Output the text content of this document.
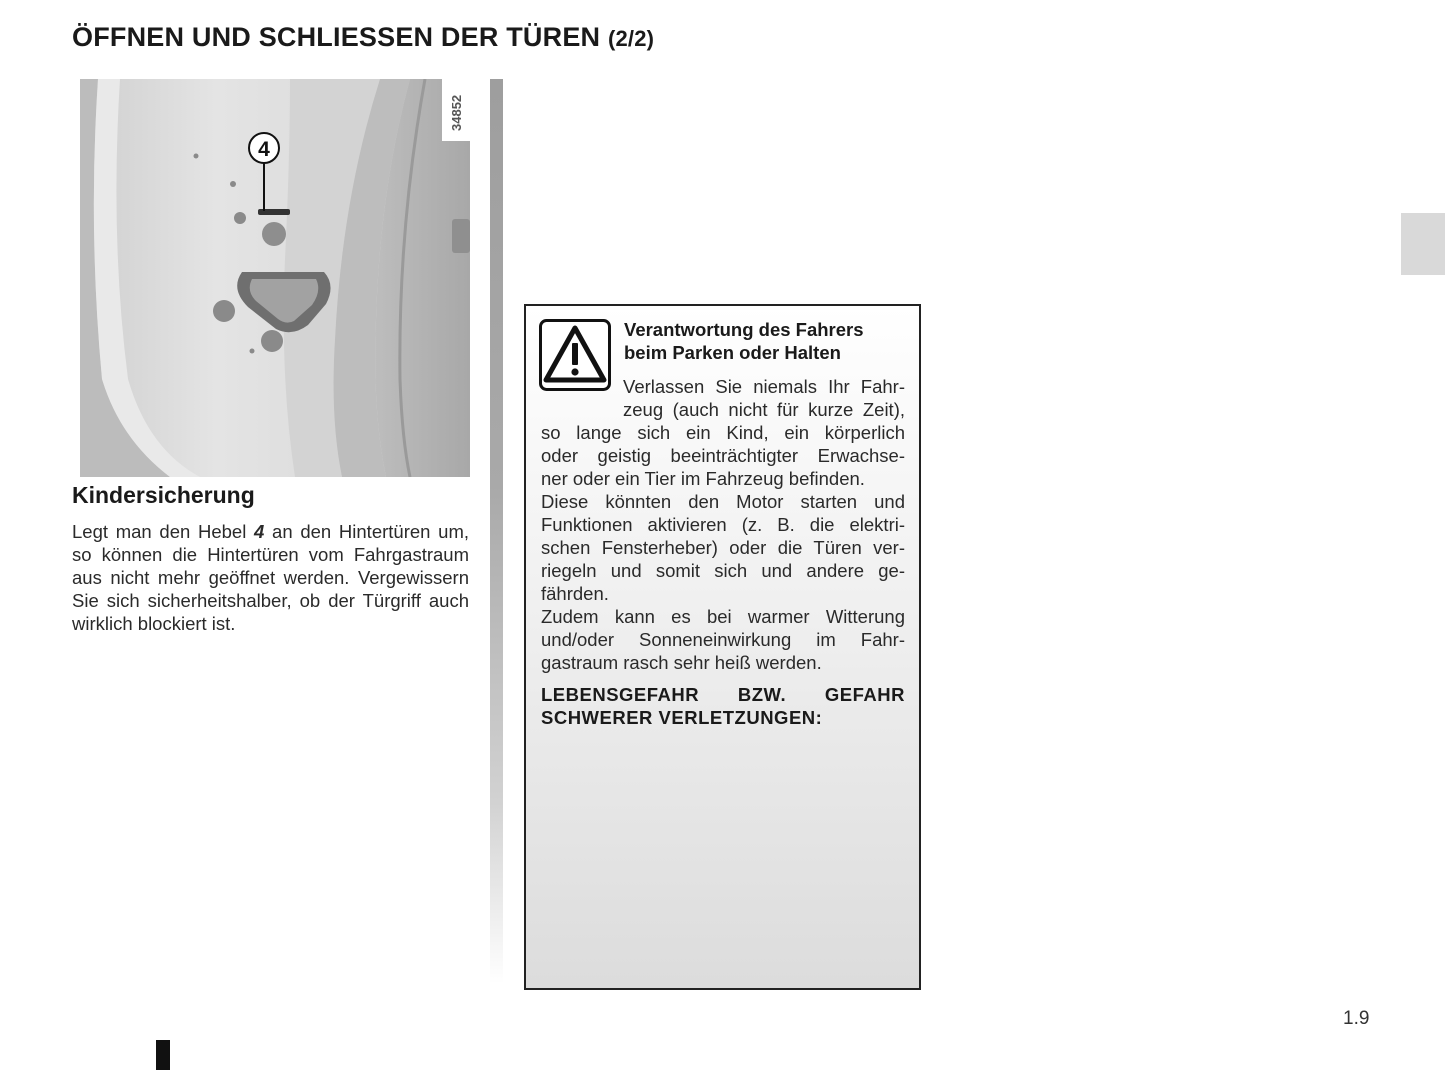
ÖFFNEN UND SCHLIESSEN DER TÜREN (2/2)
4
34852
Kindersicherung

Legt man den Hebel 4 an den Hintertüren um, so können die Hintertüren vom Fahrgastraum aus nicht mehr geöffnet werden. Vergewissern Sie sich sicherheitshalber, ob der Türgriff auch wirklich blockiert ist.

Verantwortung des Fahrers
beim Parken oder Halten

Verlassen Sie niemals Ihr Fahr-
zeug (auch nicht für kurze Zeit),
so lange sich ein Kind, ein körperlich
oder geistig beeinträchtigter Erwachse-
ner oder ein Tier im Fahrzeug befinden.
Diese könnten den Motor starten und
Funktionen aktivieren (z. B. die elektri-
schen Fensterheber) oder die Türen ver-
riegeln und somit sich und andere ge-
fährden.
Zudem kann es bei warmer Witterung
und/oder Sonneneinwirkung im Fahr-
gastraum rasch sehr heiß werden.

LEBENSGEFAHR BZW. GEFAHR
SCHWERER VERLETZUNGEN:

1.9
